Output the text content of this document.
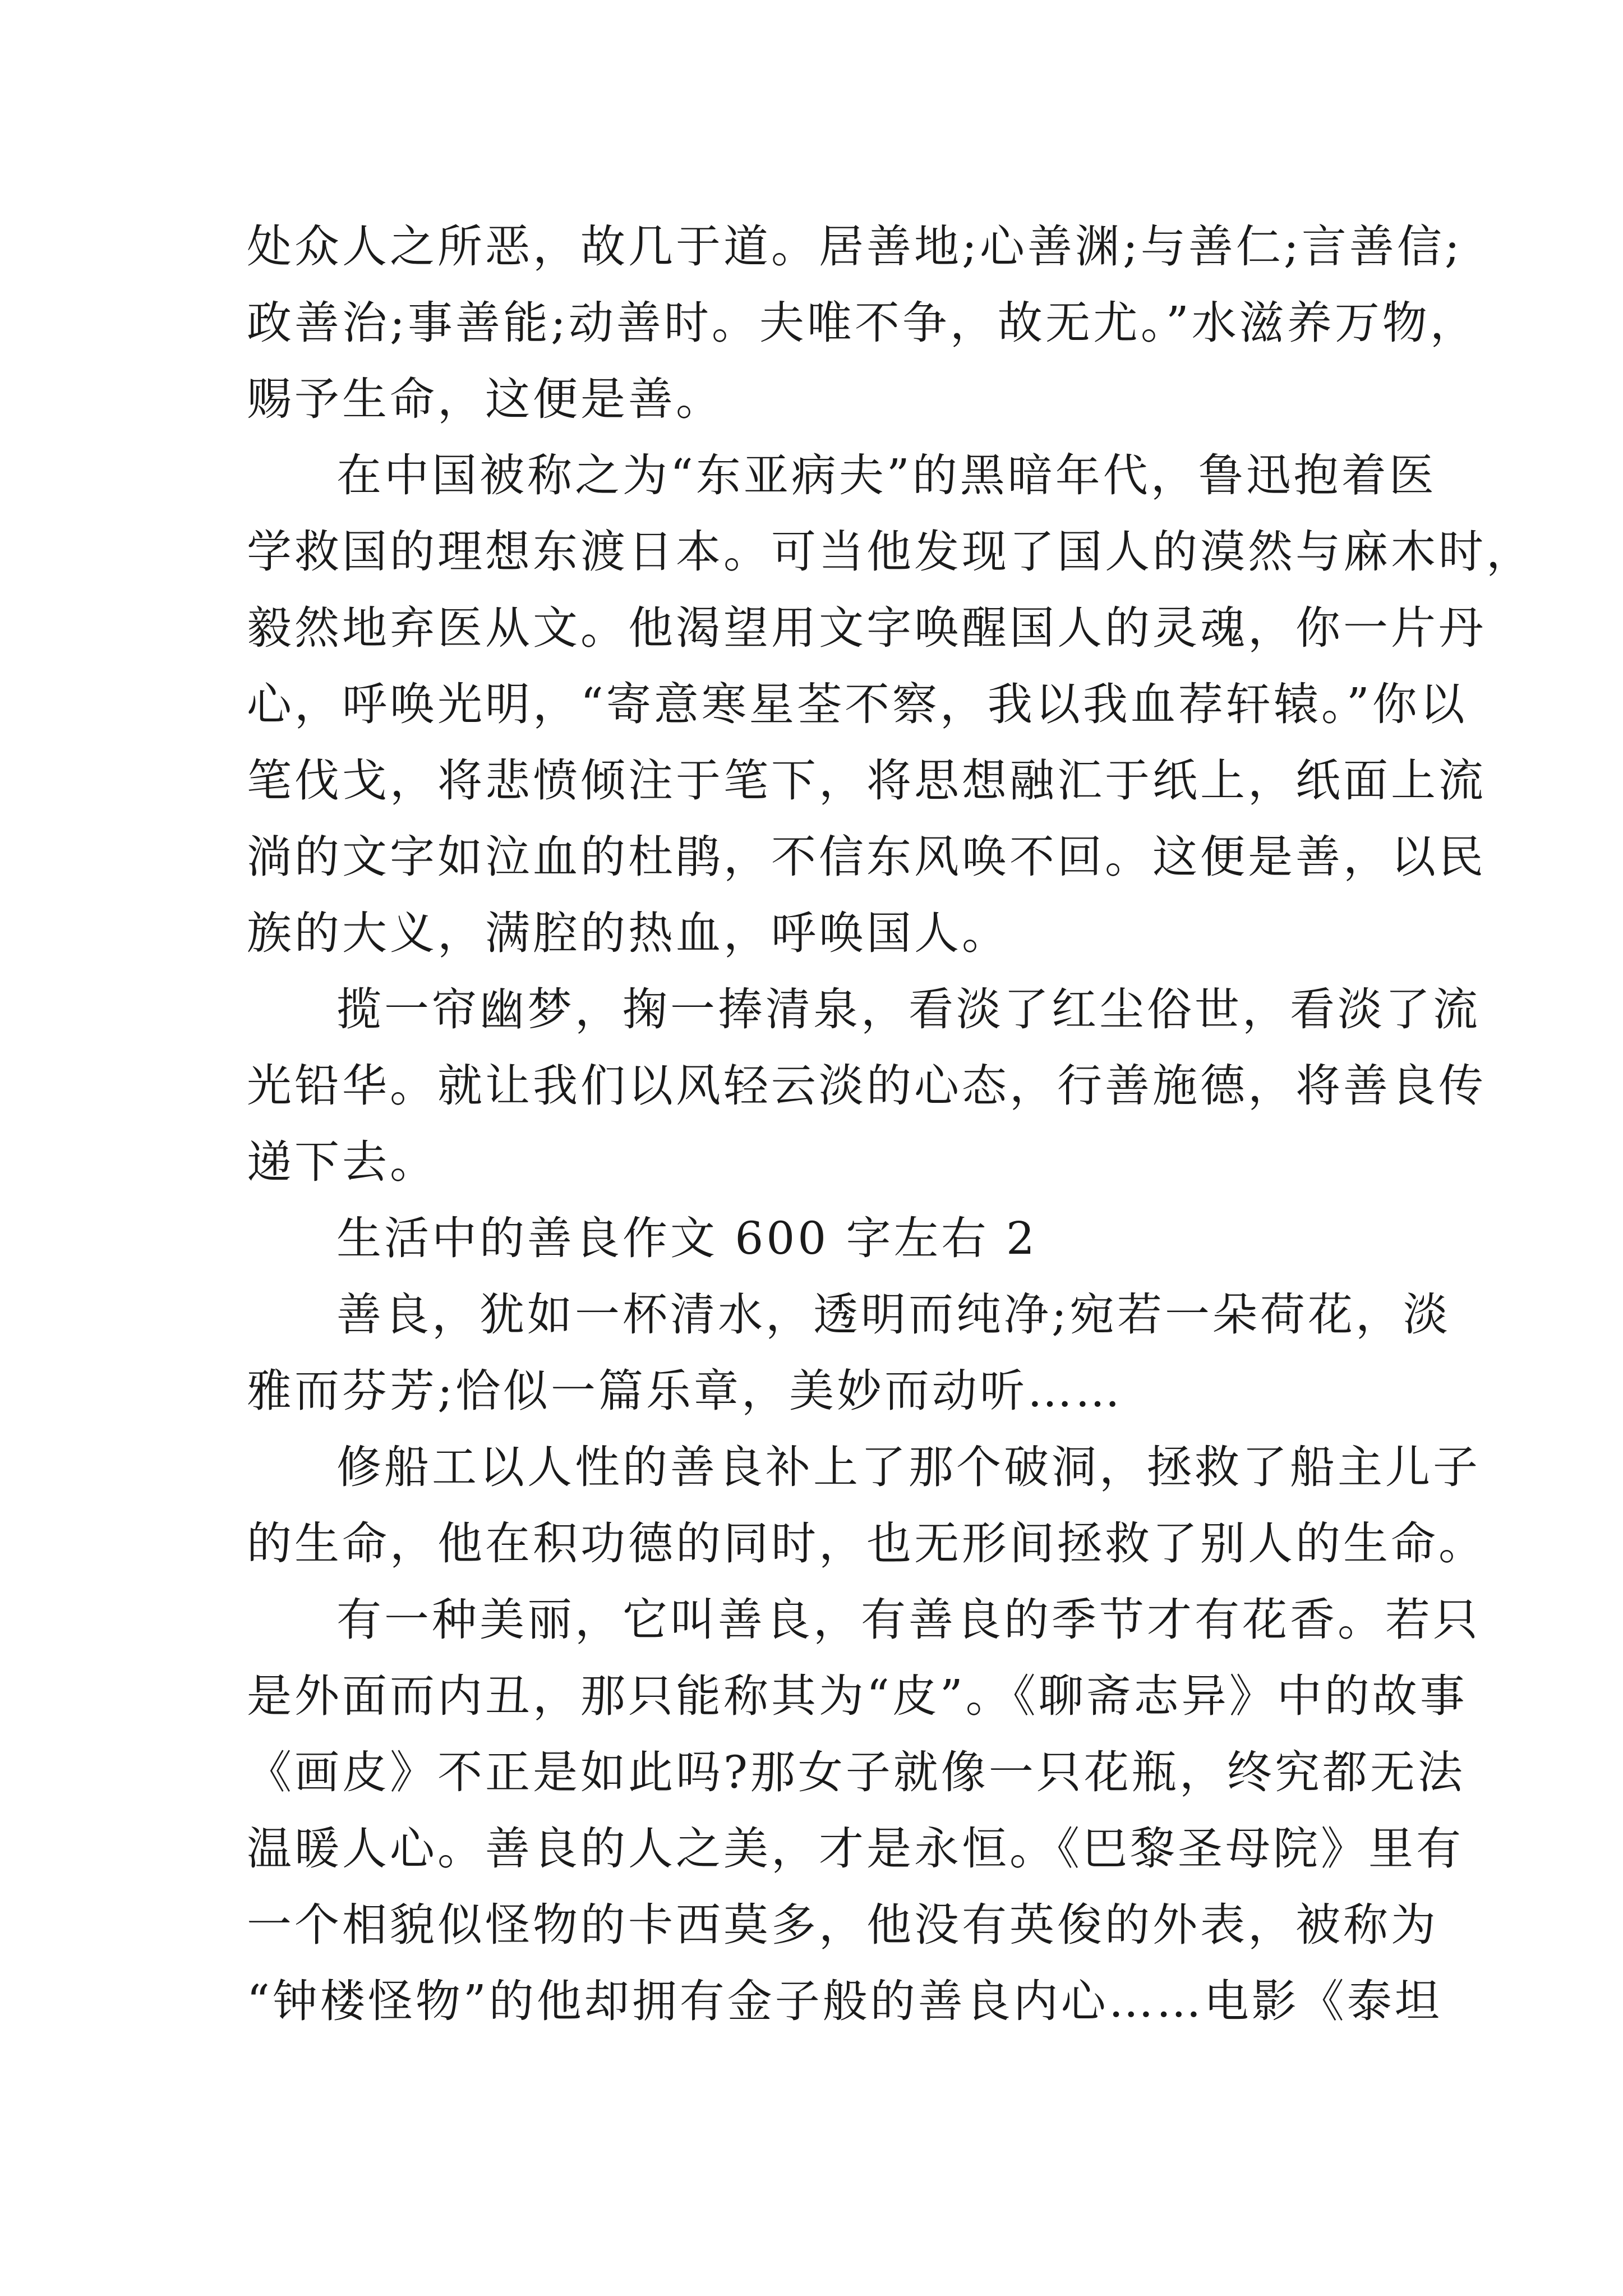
处众人之所恶，故几于道。居善地;心善渊;与善仁;言善信;
政善治;事善能;动善时。夫唯不争，故无尤。”水滋养万物，
赐予生命，这便是善。
在中国被称之为“东亚病夫”的黑暗年代，鲁迅抱着医
学救国的理想东渡日本。可当他发现了国人的漠然与麻木时，
毅然地弃医从文。他渴望用文字唤醒国人的灵魂，你一片丹
心，呼唤光明，“寄意寒星荃不察，我以我血荐轩辕。”你以
笔伐戈，将悲愤倾注于笔下，将思想融汇于纸上，纸面上流
淌的文字如泣血的杜鹃，不信东风唤不回。这便是善，以民
族的大义，满腔的热血，呼唤国人。
揽一帘幽梦，掬一捧清泉，看淡了红尘俗世，看淡了流
光铅华。就让我们以风轻云淡的心态，行善施德，将善良传
递下去。
生活中的善良作文 600 字左右 2
善良，犹如一杯清水，透明而纯净;宛若一朵荷花，淡
雅而芬芳;恰似一篇乐章，美妙而动听……
修船工以人性的善良补上了那个破洞，拯救了船主儿子
的生命，他在积功德的同时，也无形间拯救了别人的生命。
有一种美丽，它叫善良，有善良的季节才有花香。若只
是外面而内丑，那只能称其为“皮”。《聊斋志异》中的故事
《画皮》不正是如此吗?那女子就像一只花瓶，终究都无法
温暖人心。善良的人之美，才是永恒。《巴黎圣母院》里有
一个相貌似怪物的卡西莫多，他没有英俊的外表，被称为
“钟楼怪物”的他却拥有金子般的善良内心……电影《泰坦
